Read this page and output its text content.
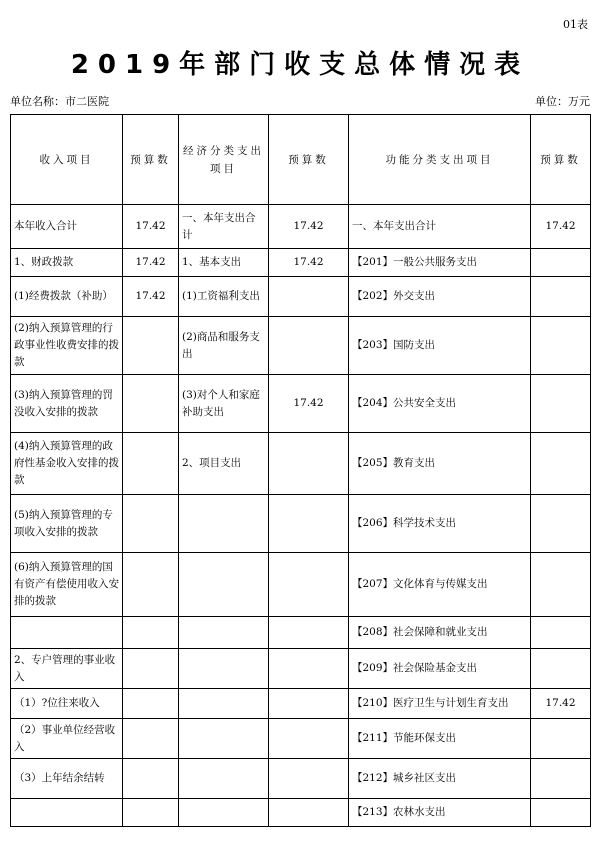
01表
2019年部门收支总体情况表
单位名称：市二医院	单位：万元
收入项目	预算数	经济分类支出项目	预算数	功能分类支出项目	预算数
本年收入合计	17.42	一、本年支出合计	17.42	一、本年支出合计	17.42
1、财政拨款	17.42	1、基本支出	17.42	【201】一般公共服务支出	
(1)经费拨款（补助）	17.42	(1)工资福利支出		【202】外交支出	
(2)纳入预算管理的行政事业性收费安排的拨款		(2)商品和服务支出		【203】国防支出	
(3)纳入预算管理的罚没收入安排的拨款		(3)对个人和家庭补助支出	17.42	【204】公共安全支出	
(4)纳入预算管理的政府性基金收入安排的拨款		2、项目支出		【205】教育支出	
(5)纳入预算管理的专项收入安排的拨款				【206】科学技术支出	
(6)纳入预算管理的国有资产有偿使用收入安排的拨款				【207】文化体育与传媒支出	
				【208】社会保障和就业支出	
2、专户管理的事业收入				【209】社会保险基金支出	
（1）?位往来收入				【210】医疗卫生与计划生育支出	17.42
（2）事业单位经营收入				【211】节能环保支出	
（3）上年结余结转				【212】城乡社区支出	
				【213】农林水支出	
